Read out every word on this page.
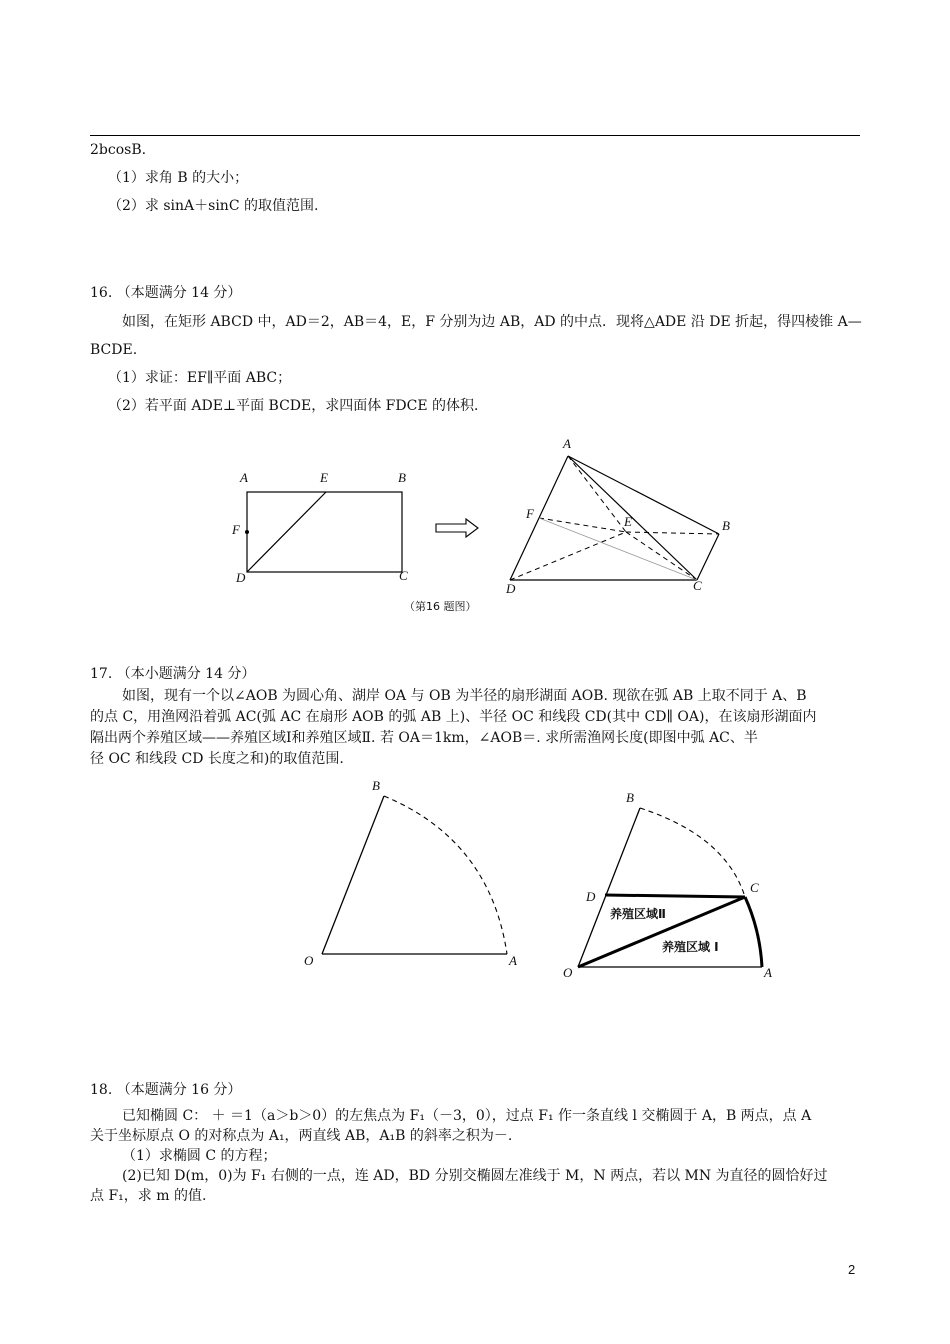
2bcosB.
（1）求角 B 的大小；
（2）求 sinA＋sinC 的取值范围.
16. （本题满分 14 分）
如图，在矩形 ABCD 中，AD＝2，AB＝4，E，F 分别为边 AB，AD 的中点．现将△ADE 沿 DE 折起，得四棱锥 A—
BCDE.
（1）求证：EF∥平面 ABC；
（2）若平面 ADE⊥平面 BCDE，求四面体 FDCE 的体积．
A	E	B
F
D	C
A
F
E	B
D	C
（第16 题图）
17. （本小题满分 14 分）
如图，现有一个以∠AOB 为圆心角、湖岸 OA 与 OB 为半径的扇形湖面 AOB. 现欲在弧 AB 上取不同于 A、B
的点 C，用渔网沿着弧 AC(弧 AC 在扇形 AOB 的弧 AB 上)、半径 OC 和线段 CD(其中 CD∥ OA)，在该扇形湖面内
隔出两个养殖区域——养殖区域Ⅰ和养殖区域Ⅱ. 若 OA＝1km，∠AOB＝. 求所需渔网长度(即图中弧 AC、半
径 OC 和线段 CD 长度之和)的取值范围.
B
O	A
B
D
C
O	A
养殖区域Ⅱ
养殖区域 I
18. （本题满分 16 分）
已知椭圆 C： ＋ ＝1（a＞b＞0）的左焦点为 F₁（－3，0），过点 F₁ 作一条直线 l 交椭圆于 A，B 两点，点 A
关于坐标原点 O 的对称点为 A₁，两直线 AB，A₁B 的斜率之积为－.
（1）求椭圆 C 的方程；
(2)已知 D(m，0)为 F₁ 右侧的一点，连 AD，BD 分别交椭圆左准线于 M，N 两点，若以 MN 为直径的圆恰好过
点 F₁，求 m 的值.
2
